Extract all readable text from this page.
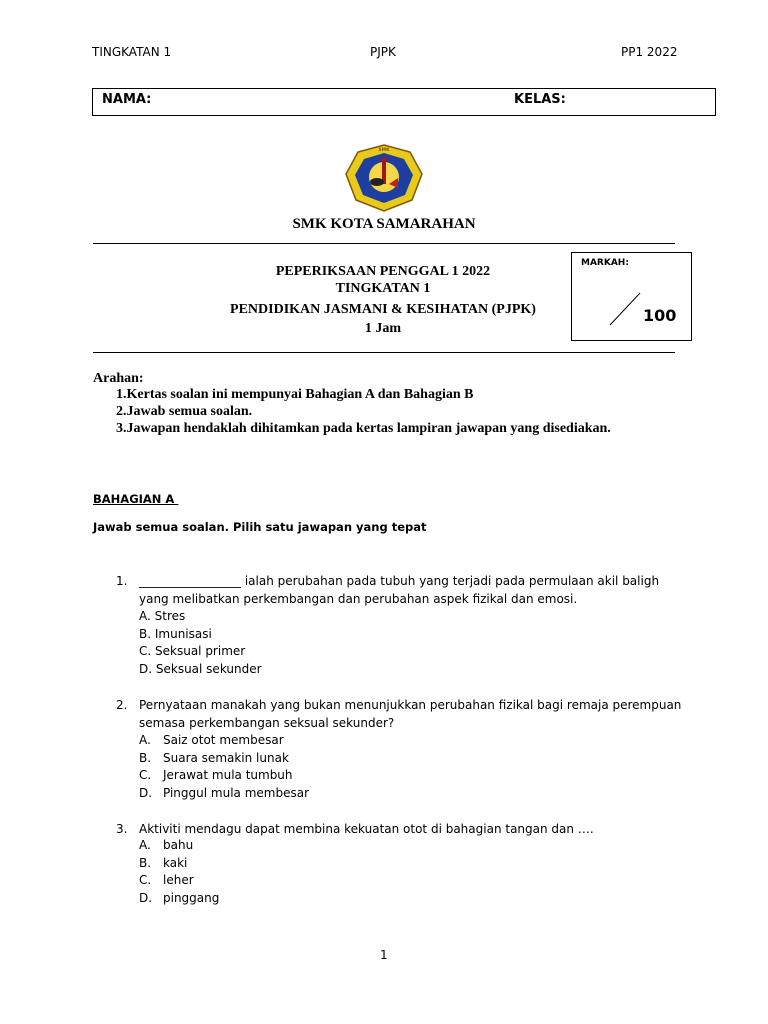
TINGKATAN 1	PJPK	PP1 2022
NAMA:	KELAS:
SMK
SMK KOTA SAMARAHAN
PEPERIKSAAN PENGGAL 1 2022
TINGKATAN 1
PENDIDIKAN JASMANI & KESIHATAN (PJPK)
1 Jam
MARKAH:
100
Arahan:
1.Kertas soalan ini mempunyai Bahagian A dan Bahagian B
2.Jawab semua soalan.
3.Jawapan hendaklah dihitamkan pada kertas lampiran jawapan yang disediakan.
BAHAGIAN A
Jawab semua soalan. Pilih satu jawapan yang tepat
1. _________________ ialah perubahan pada tubuh yang terjadi pada permulaan akil baligh
yang melibatkan perkembangan dan perubahan aspek fizikal dan emosi.
A. Stres
B. Imunisasi
C. Seksual primer
D. Seksual sekunder
2. Pernyataan manakah yang bukan menunjukkan perubahan fizikal bagi remaja perempuan
semasa perkembangan seksual sekunder?
A. Saiz otot membesar
B. Suara semakin lunak
C. Jerawat mula tumbuh
D. Pinggul mula membesar
3. Aktiviti mendagu dapat membina kekuatan otot di bahagian tangan dan ….
A. bahu
B. kaki
C. leher
D. pinggang
1
